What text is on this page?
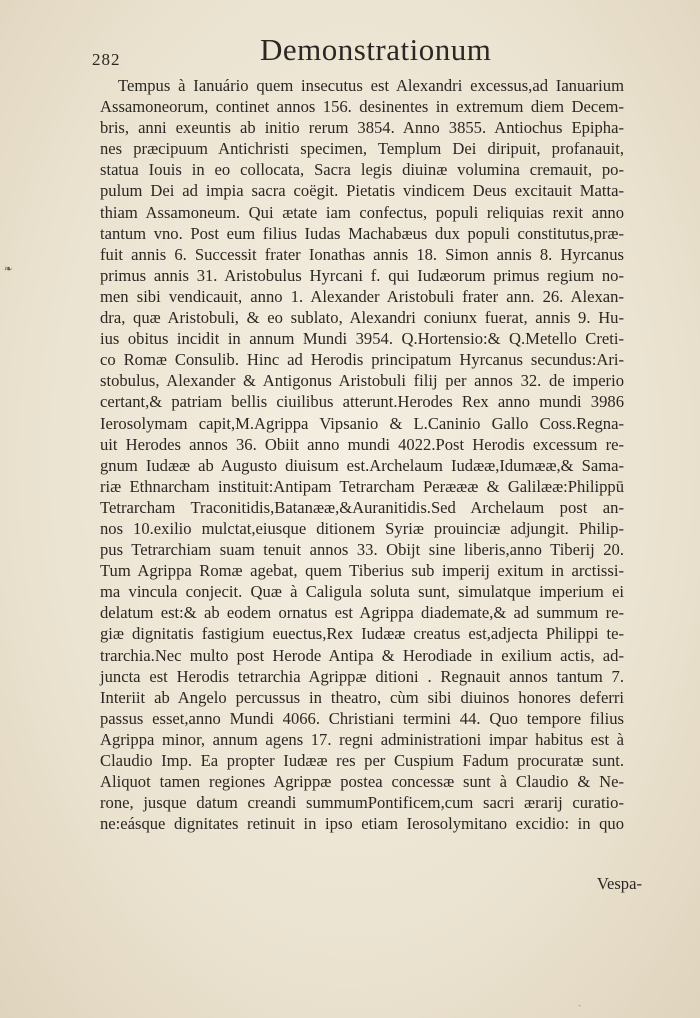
282	Demonstrationum
❧
Tempus à Ianuário quem insecutus est Alexandri excessus,ad Ianuarium
Assamoneorum, continet annos 156. desinentes in extremum diem Decem-
bris, anni exeuntis ab initio rerum 3854. Anno 3855. Antiochus Epipha-
nes præcipuum Antichristi specimen, Templum Dei diripuit, profanauit,
statua Iouis in eo collocata, Sacra legis diuinæ volumina cremauit, po-
pulum Dei ad impia sacra coëgit. Pietatis vindicem Deus excitauit Matta-
thiam Assamoneum. Qui ætate iam confectus, populi reliquias rexit anno
tantum vno. Post eum filius Iudas Machabæus dux populi constitutus,præ-
fuit annis 6. Successit frater Ionathas annis 18. Simon annis 8. Hyrcanus
primus annis 31. Aristobulus Hyrcani f. qui Iudæorum primus regium no-
men sibi vendicauit, anno 1. Alexander Aristobuli frater ann. 26. Alexan-
dra, quæ Aristobuli, & eo sublato, Alexandri coniunx fuerat, annis 9. Hu-
ius obitus incidit in annum Mundi 3954. Q.Hortensio:& Q.Metello Creti-
co Romæ Consulib. Hinc ad Herodis principatum Hyrcanus secundus:Ari-
stobulus, Alexander & Antigonus Aristobuli filij per annos 32. de imperio
certant,& patriam bellis ciuilibus atterunt.Herodes Rex anno mundi 3986
Ierosolymam capit,M.Agrippa Vipsanio & L.Caninio Gallo Coss.Regna-
uit Herodes annos 36. Obiit anno mundi 4022.Post Herodis excessum re-
gnum Iudææ ab Augusto diuisum est.Archelaum Iudææ,Idumææ,& Sama-
riæ Ethnarcham instituit:Antipam Tetrarcham Peræææ & Galilææ:Philippū
Tetrarcham Traconitidis,Batanææ,&Auranitidis.Sed Archelaum post an-
nos 10.exilio mulctat,eiusque ditionem Syriæ prouinciæ adjungit. Philip-
pus Tetrarchiam suam tenuit annos 33. Obijt sine liberis,anno Tiberij 20.
Tum Agrippa Romæ agebat, quem Tiberius sub imperij exitum in arctissi-
ma vincula conjecit. Quæ à Caligula soluta sunt, simulatque imperium ei
delatum est:& ab eodem ornatus est Agrippa diademate,& ad summum re-
giæ dignitatis fastigium euectus,Rex Iudææ creatus est,adjecta Philippi te-
trarchia.Nec multo post Herode Antipa & Herodiade in exilium actis, ad-
juncta est Herodis tetrarchia Agrippæ ditioni . Regnauit annos tantum 7.
Interiit ab Angelo percussus in theatro, cùm sibi diuinos honores deferri
passus esset,anno Mundi 4066. Christiani termini 44. Quo tempore filius
Agrippa minor, annum agens 17. regni administrationi impar habitus est à
Claudio Imp. Ea propter Iudææ res per Cuspium Fadum procuratæ sunt.
Aliquot tamen regiones Agrippæ postea concessæ sunt à Claudio & Ne-
rone, jusque datum creandi summumPontificem,cum sacri ærarij curatio-
ne:eásque dignitates retinuit in ipso etiam Ierosolymitano excidio: in quo
Vespa-
ˎ
